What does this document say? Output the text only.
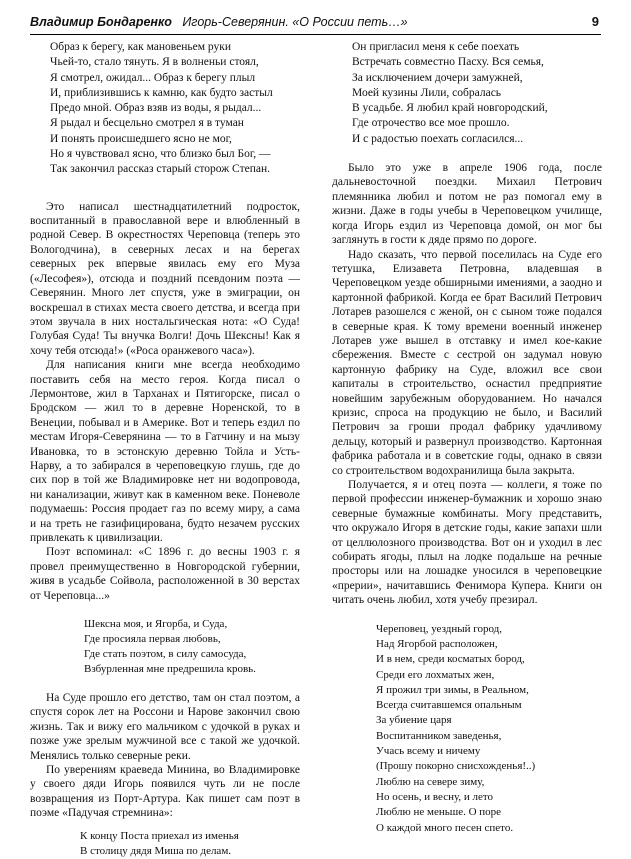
Владимир Бондаренко Игорь-Северянин. «О России петь…»	9
Образ к берегу, как мановеньем руки
Чьей-то, стало тянуть. Я в волненьи стоял,
Я смотрел, ожидал... Образ к берегу плыл
И, приблизившись к камню, как будто застыл
Предо мной. Образ взяв из воды, я рыдал...
Я рыдал и бесцельно смотрел я в туман
И понять происшедшего ясно не мог,
Но я чувствовал ясно, что близко был Бог, —
Так закончил рассказ старый сторож Степан.

Это написал шестнадцатилетний подросток, воспитанный в православной вере и влюбленный в родной Север. В окрестностях Череповца (теперь это Вологодчина), в северных лесах и на берегах северных рек впервые явилась ему его Муза («Лесофея»), отсюда и поздний псевдоним поэта — Северянин. Много лет спустя, уже в эмиграции, он воскрешал в стихах места своего детства, и всегда при этом звучала в них ностальгическая нота: «О Суда! Голубая Суда! Ты внучка Волги! Дочь Шексны! Как я хочу тебя отсюда!» («Роса оранжевого часа»).

Для написания книги мне всегда необходимо поставить себя на место героя. Когда писал о Лермонтове, жил в Тарханах и Пятигорске, писал о Бродском — жил то в деревне Норенской, то в Венеции, побывал и в Америке. Вот и теперь ездил по местам Игоря-Северянина — то в Гатчину и на мызу Ивановка, то в эстонскую деревню Тойла и Усть-Нарву, а то забирался в череповецкую глушь, где до сих пор в той же Владимировке нет ни водопровода, ни канализации, живут как в каменном веке. Поневоле подумаешь: Россия продает газ по всему миру, а сама и на треть не газифицирована, будто незачем русских привлекать к цивилизации.

Поэт вспоминал: «С 1896 г. до весны 1903 г. я провел преимущественно в Новгородской губернии, живя в усадьбе Сойвола, расположенной в 30 верстах от Череповца...»

Шексна моя, и Ягорба, и Суда,
Где просияла первая любовь,
Где стать поэтом, в силу самосуда,
Взбурленная мне предрешила кровь.

На Суде прошло его детство, там он стал поэтом, а спустя сорок лет на Россони и Нарове закончил свою жизнь. Так и вижу его мальчиком с удочкой в руках и позже уже зрелым мужчиной все с такой же удочкой. Менялись только северные реки.

По уверениям краеведа Минина, во Владимировке у своего дяди Игорь появился чуть ли не после возвращения из Порт-Артура. Как пишет сам поэт в поэме «Падучая стремнина»:

К концу Поста приехал из именья
В столицу дядя Миша по делам.
Он пригласил меня к себе поехать
Встречать совместно Пасху. Вся семья,
За исключением дочери замужней,
Моей кузины Лили, собралась
В усадьбе. Я любил край новгородский,
Где отрочество все мое прошло.
И с радостью поехать согласился...

Было это уже в апреле 1906 года, после дальневосточной поездки. Михаил Петрович племянника любил и потом не раз помогал ему в жизни. Даже в годы учебы в Череповецком училище, когда Игорь ездил из Череповца домой, он мог бы заглянуть в гости к дяде прямо по дороге.

Надо сказать, что первой поселилась на Суде его тетушка, Елизавета Петровна, владевшая в Череповецком уезде обширными имениями, а заодно и картонной фабрикой. Когда ее брат Василий Петрович Лотарев разошелся с женой, он с сыном тоже подался в северные края. К тому времени военный инженер Лотарев уже вышел в отставку и имел кое-какие сбережения. Вместе с сестрой он задумал новую картонную фабрику на Суде, вложил все свои капиталы в строительство, оснастил предприятие новейшим зарубежным оборудованием. Но начался кризис, спроса на продукцию не было, и Василий Петрович за гроши продал фабрику удачливому дельцу, который и развернул производство. Картонная фабрика работала и в советские годы, однако в связи со строительством водохранилища была закрыта.

Получается, я и отец поэта — коллеги, я тоже по первой профессии инженер-бумажник и хорошо знаю северные бумажные комбинаты. Могу представить, что окружало Игоря в детские годы, какие запахи шли от целлюлозного производства. Вот он и уходил в лес собирать ягоды, плыл на лодке подальше на речные просторы или на лошадке уносился в череповецкие «прерии», начитавшись Фенимора Купера. Книги он читать очень любил, хотя учебу презирал.

Череповец, уездный город,
Над Ягорбой расположен,
И в нем, среди косматых бород,
Среди его лохматых жен,
Я прожил три зимы, в Реальном,
Всегда считавшемся опальным
За убиение царя
Воспитанником заведенья,
Учась всему и ничему
(Прошу покорно снисхожденья!..)
Люблю на севере зиму,
Но осень, и весну, и лето
Люблю не меньше. О поре
О каждой много песен спето.
